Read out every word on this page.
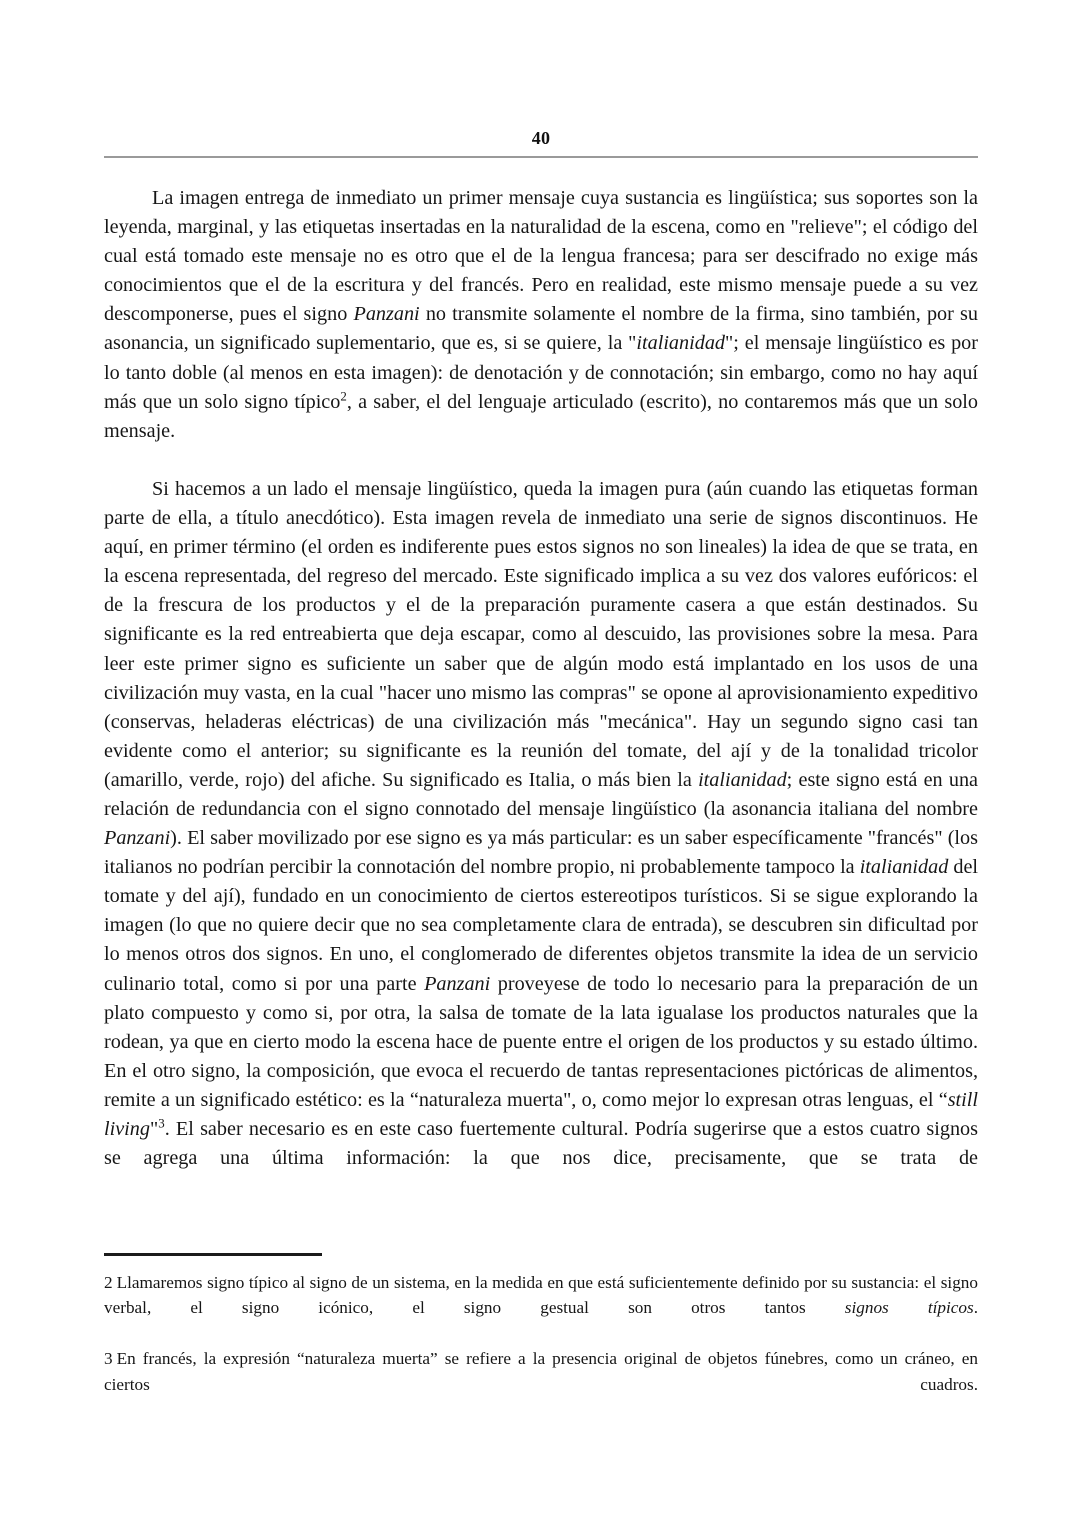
40

La imagen entrega de inmediato un primer mensaje cuya sustancia es lingüística; sus soportes son la leyenda, marginal, y las etiquetas insertadas en la naturalidad de la escena, como en "relieve"; el código del cual está tomado este mensaje no es otro que el de la lengua francesa; para ser descifrado no exige más conocimientos que el de la escritura y del francés. Pero en realidad, este mismo mensaje puede a su vez descomponerse, pues el signo Panzani no transmite solamente el nombre de la firma, sino también, por su asonancia, un significado suplementario, que es, si se quiere, la "italianidad"; el mensaje lingüístico es por lo tanto doble (al menos en esta imagen): de denotación y de connotación; sin embargo, como no hay aquí más que un solo signo típico$^2$, a saber, el del lenguaje articulado (escrito), no contaremos más que un solo mensaje.

Si hacemos a un lado el mensaje lingüístico, queda la imagen pura (aún cuando las etiquetas forman parte de ella, a título anecdótico). Esta imagen revela de inmediato una serie de signos discontinuos. He aquí, en primer término (el orden es indiferente pues estos signos no son lineales) la idea de que se trata, en la escena representada, del regreso del mercado. Este significado implica a su vez dos valores eufóricos: el de la frescura de los productos y el de la preparación puramente casera a que están destinados. Su significante es la red entreabierta que deja escapar, como al descuido, las provisiones sobre la mesa. Para leer este primer signo es suficiente un saber que de algún modo está implantado en los usos de una civilización muy vasta, en la cual "hacer uno mismo las compras" se opone al aprovisionamiento expeditivo (conservas, heladeras eléctricas) de una civilización más "mecánica". Hay un segundo signo casi tan evidente como el anterior; su significante es la reunión del tomate, del ají y de la tonalidad tricolor (amarillo, verde, rojo) del afiche. Su significado es Italia, o más bien la italianidad; este signo está en una relación de redundancia con el signo connotado del mensaje lingüístico (la asonancia italiana del nombre Panzani). El saber movilizado por ese signo es ya más particular: es un saber específicamente "francés" (los italianos no podrían percibir la connotación del nombre propio, ni probablemente tampoco la italianidad del tomate y del ají), fundado en un conocimiento de ciertos estereotipos turísticos. Si se sigue explorando la imagen (lo que no quiere decir que no sea completamente clara de entrada), se descubren sin dificultad por lo menos otros dos signos. En uno, el conglomerado de diferentes objetos transmite la idea de un servicio culinario total, como si por una parte Panzani proveyese de todo lo necesario para la preparación de un plato compuesto y como si, por otra, la salsa de tomate de la lata igualase los productos naturales que la rodean, ya que en cierto modo la escena hace de puente entre el origen de los productos y su estado último. En el otro signo, la composición, que evoca el recuerdo de tantas representaciones pictóricas de alimentos, remite a un significado estético: es la “naturaleza muerta", o, como mejor lo expresan otras lenguas, el “still living"$^3$. El saber necesario es en este caso fuertemente cultural. Podría sugerirse que a estos cuatro signos se agrega una última información: la que nos dice, precisamente, que se trata de

2 Llamaremos signo típico al signo de un sistema, en la medida en que está suficientemente definido por su sustancia: el signo verbal, el signo icónico, el signo gestual son otros tantos signos típicos.

3 En francés, la expresión “naturaleza muerta” se refiere a la presencia original de objetos fúnebres, como un cráneo, en ciertos cuadros.
